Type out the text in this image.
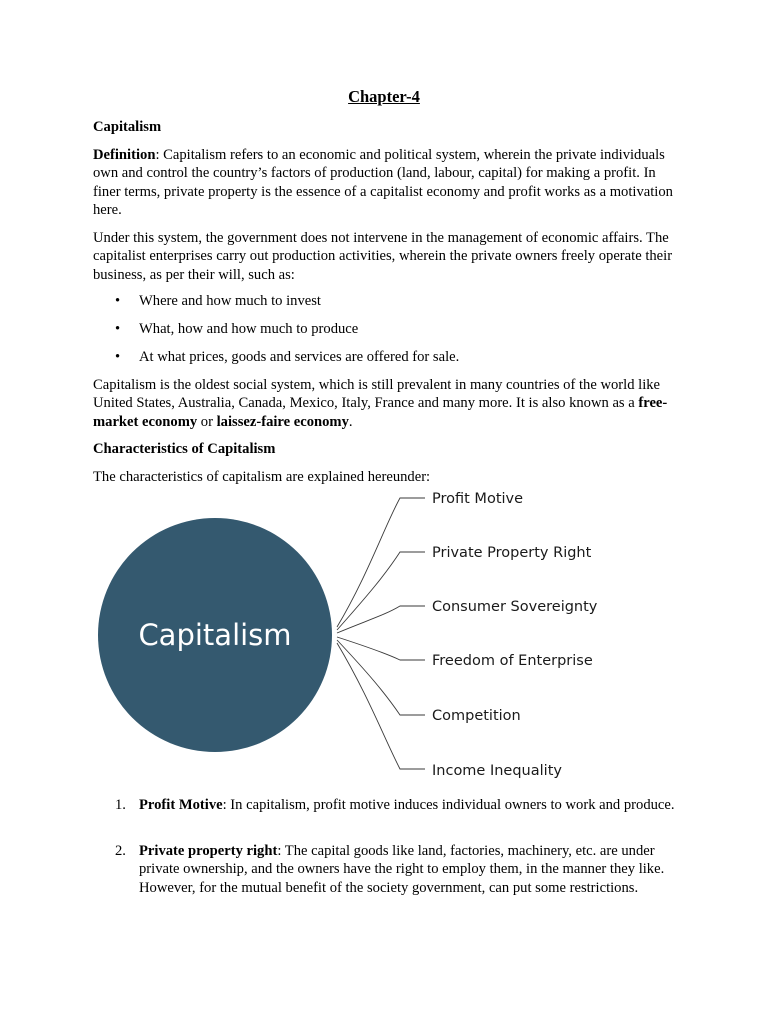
Chapter-4
Capitalism
Definition: Capitalism refers to an economic and political system, wherein the private individuals own and control the country’s factors of production (land, labour, capital) for making a profit. In finer terms, private property is the essence of a capitalist economy and profit works as a motivation here.
Under this system, the government does not intervene in the management of economic affairs. The capitalist enterprises carry out production activities, wherein the private owners freely operate their business, as per their will, such as:
• Where and how much to invest
• What, how and how much to produce
• At what prices, goods and services are offered for sale.
Capitalism is the oldest social system, which is still prevalent in many countries of the world like United States, Australia, Canada, Mexico, Italy, France and many more. It is also known as a free-market economy or laissez-faire economy.
Characteristics of Capitalism
The characteristics of capitalism are explained hereunder:
Capitalism
Profit Motive
Private Property Right
Consumer Sovereignty
Freedom of Enterprise
Competition
Income Inequality
1. Profit Motive: In capitalism, profit motive induces individual owners to work and produce.
2. Private property right: The capital goods like land, factories, machinery, etc. are under private ownership, and the owners have the right to employ them, in the manner they like. However, for the mutual benefit of the society government, can put some restrictions.
